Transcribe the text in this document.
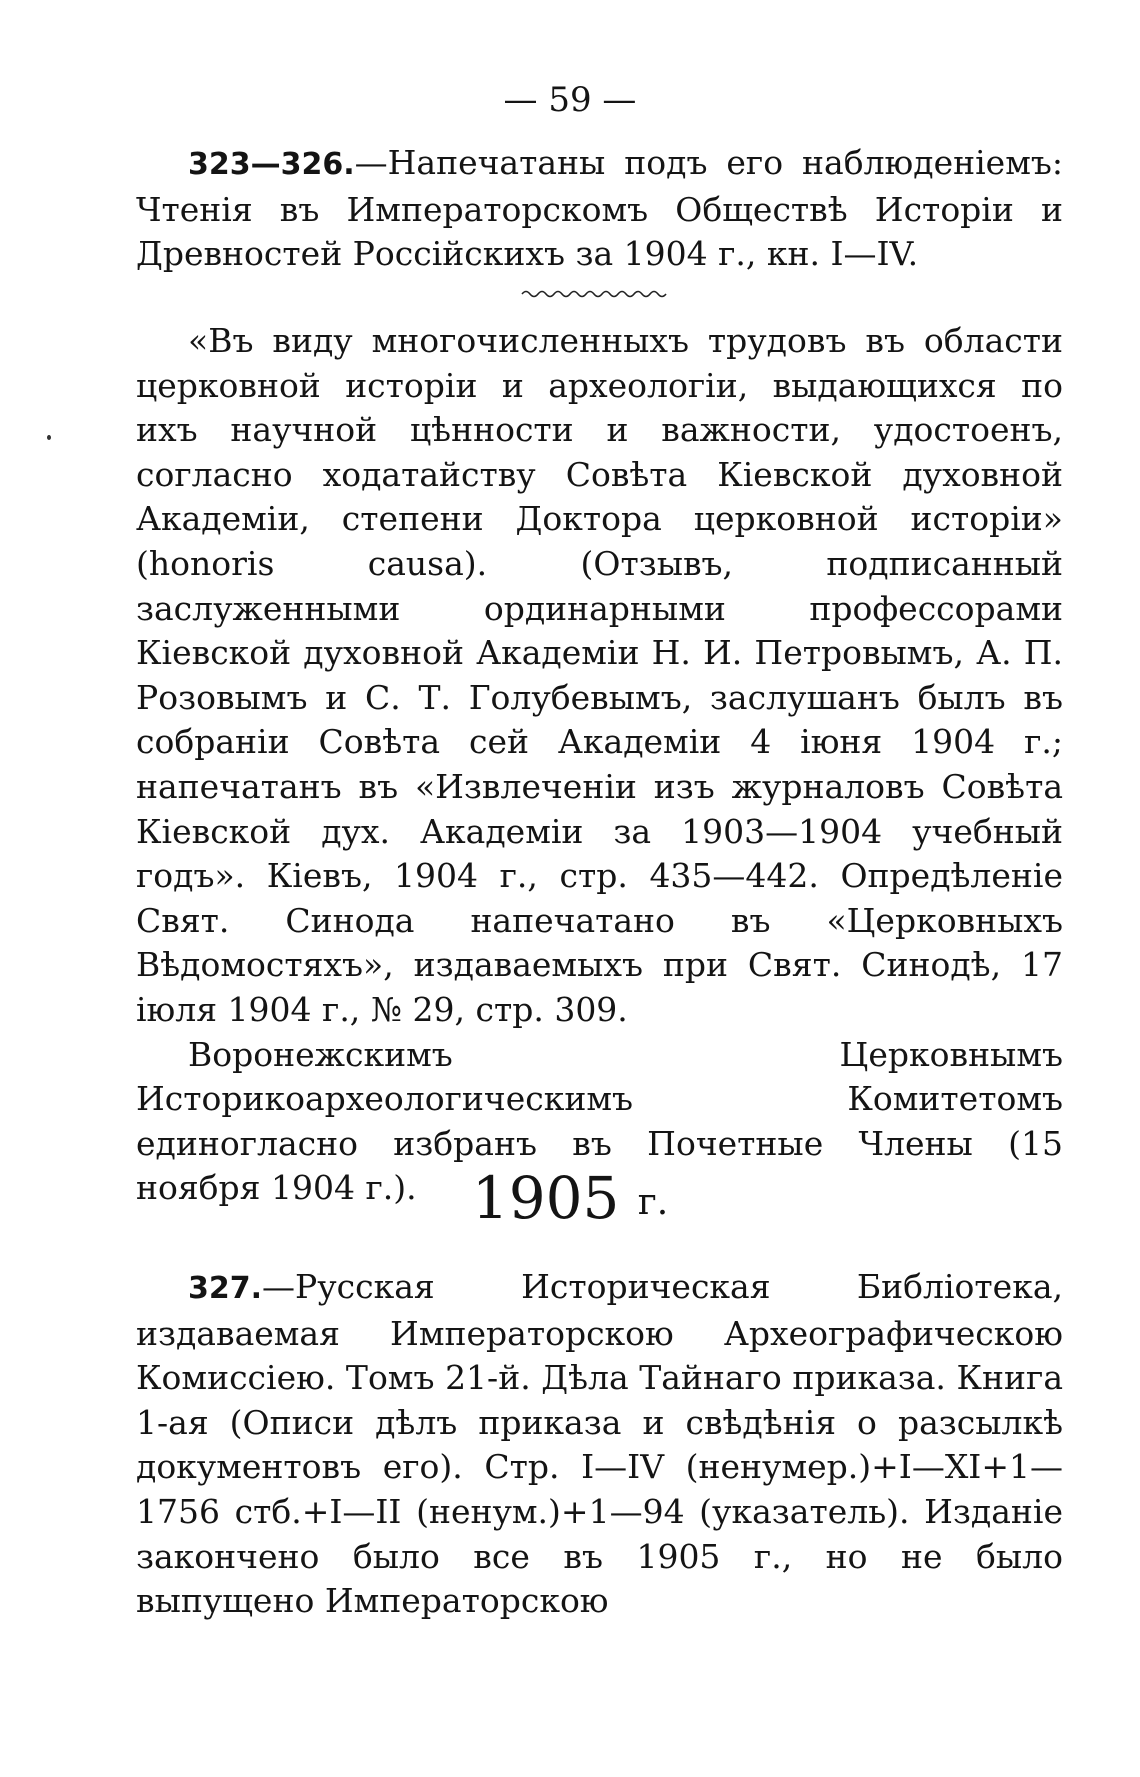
— 59 —

323—326.—Напечатаны подъ его наблюденіемъ: Чтенія въ Императорскомъ Обществѣ Исторіи и Древностей Россійскихъ за 1904 г., кн. I—IV.

«Въ виду многочисленныхъ трудовъ въ области церковной исторіи и археологіи, выдающихся по ихъ научной цѣнности и важности, удостоенъ, согласно ходатайству Совѣта Кіевской духовной Академіи, степени Доктора церковной исторіи» (honoris causa). (Отзывъ, подписанный заслуженными ординарными профессорами Кіевской духовной Академіи Н. И. Петровымъ, А. П. Розовымъ и С. Т. Голубевымъ, заслушанъ былъ въ собраніи Совѣта сей Академіи 4 іюня 1904 г.; напечатанъ въ «Извлеченіи изъ журналовъ Совѣта Кіевской дух. Академіи за 1903—1904 учебный годъ». Кіевъ, 1904 г., стр. 435—442. Опредѣленіе Свят. Синода напечатано въ «Церковныхъ Вѣдомостяхъ», издаваемыхъ при Свят. Синодѣ, 17 іюля 1904 г., № 29, стр. 309.

Воронежскимъ Церковнымъ Историкоархеологическимъ Комитетомъ единогласно избранъ въ Почетные Члены (15 ноября 1904 г.). 1905 г.

327.—Русская Историческая Библіотека, издаваемая Императорскою Археографическою Комиссіею. Томъ 21-й. Дѣла Тайнаго приказа. Книга 1-ая (Описи дѣлъ приказа и свѣдѣнія о разсылкѣ документовъ его). Стр. I—IV (ненумер.)+I—XI+1—1756 стб.+I—II (ненум.)+1—94 (указатель). Изданіе закончено было все въ 1905 г., но не было выпущено Императорскою
